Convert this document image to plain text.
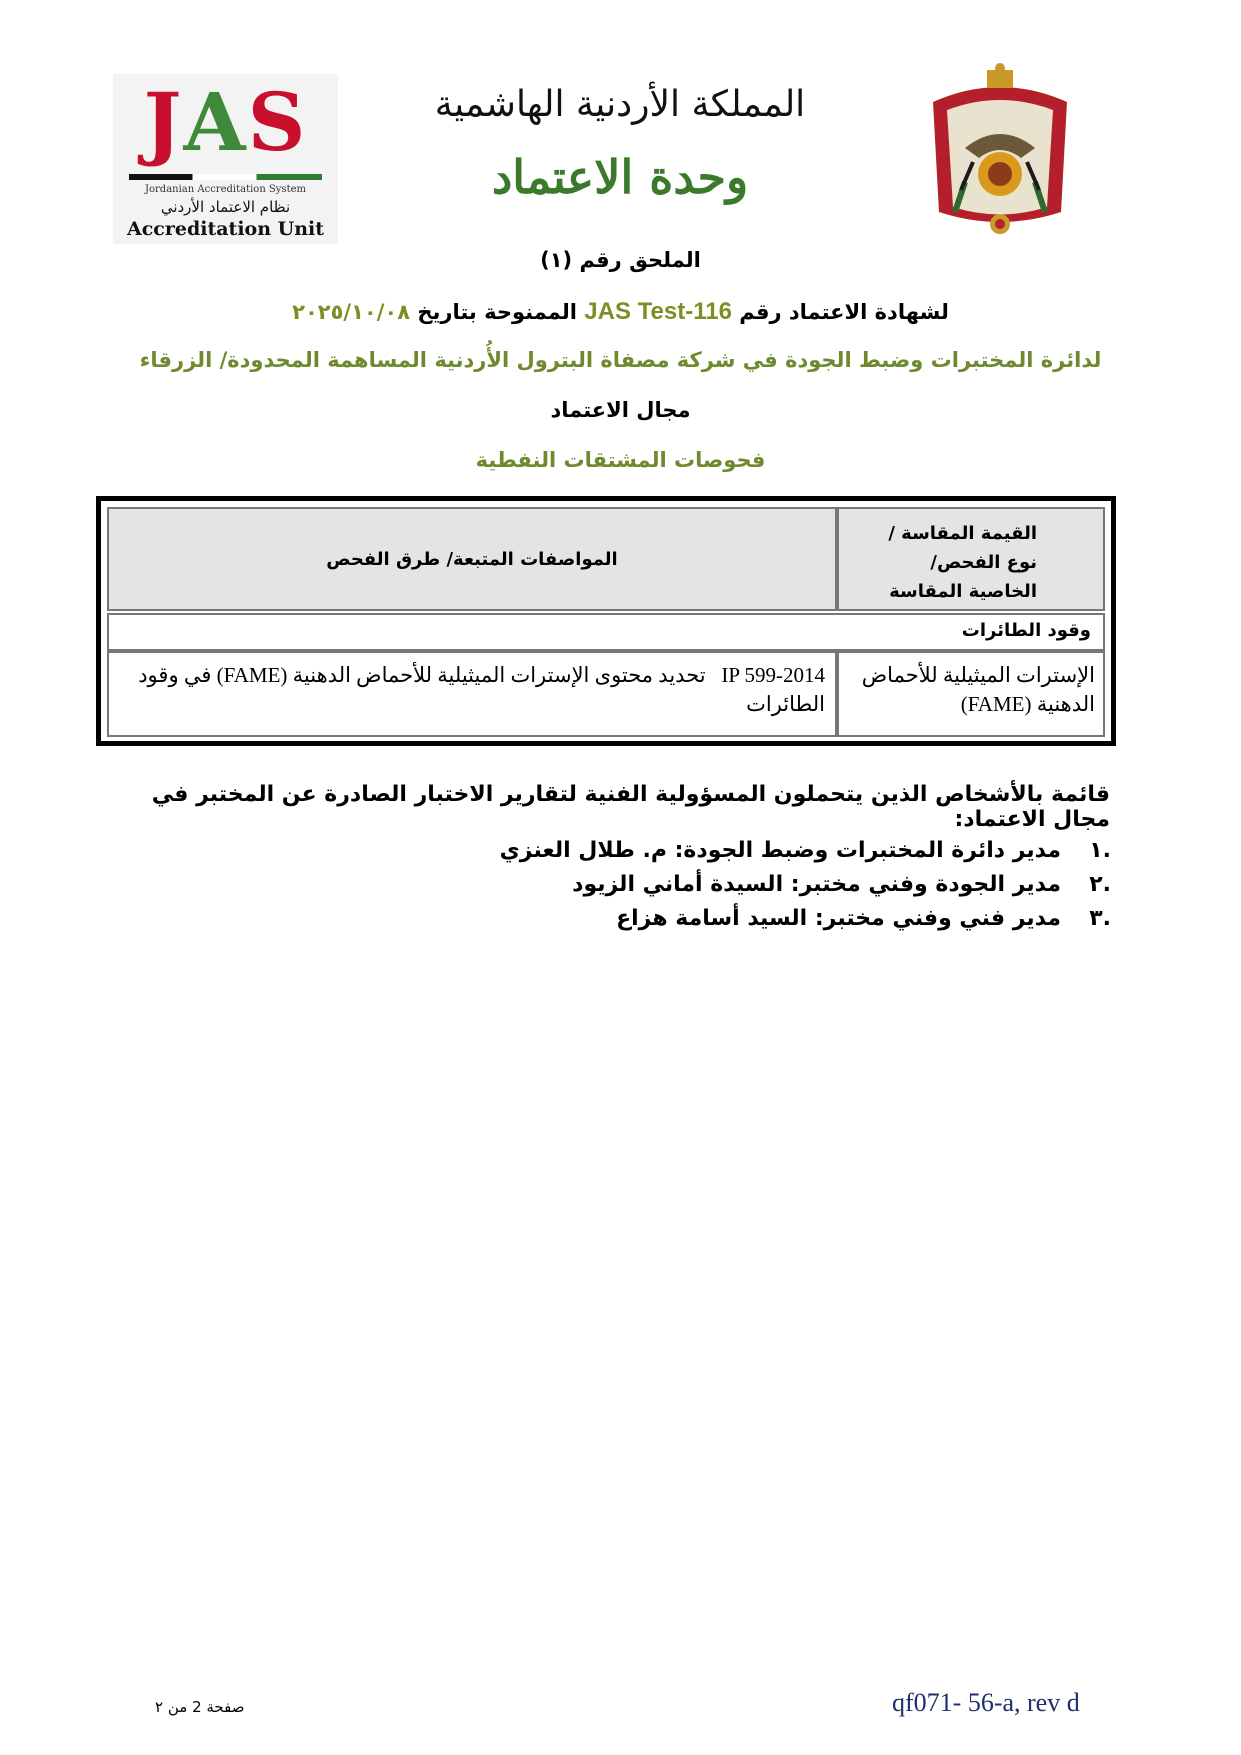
JAS
Jordanian Accreditation System
نظام الاعتماد الأردني
Accreditation Unit
المملكة الأردنية الهاشمية
وحدة الاعتماد
الملحق رقم (١)
لشهادة الاعتماد رقم JAS Test-116 الممنوحة بتاريخ ٢٠٢٥/١٠/٠٨
لدائرة المختبرات وضبط الجودة في شركة مصفاة البترول الأُردنية المساهمة المحدودة/ الزرقاء
مجال الاعتماد
فحوصات المشتقات النفطية
المواصفات المتبعة/ طرق الفحص
القيمة المقاسة /
نوع الفحص/
الخاصية المقاسة
وقود الطائرات
IP 599-2014   تحديد محتوى الإسترات الميثيلية للأحماض الدهنية (FAME) في وقود الطائرات
الإسترات الميثيلية للأحماض الدهنية (FAME)
قائمة بالأشخاص الذين يتحملون المسؤولية الفنية لتقارير الاختبار الصادرة عن المختبر في مجال الاعتماد:
.١
مدير دائرة المختبرات وضبط الجودة: م. طلال العنزي
.٢
مدير الجودة وفني مختبر: السيدة أماني الزيود
.٣
مدير فني وفني مختبر: السيد أسامة هزاع
صفحة 2 من ٢	qf071- 56-a, rev d
